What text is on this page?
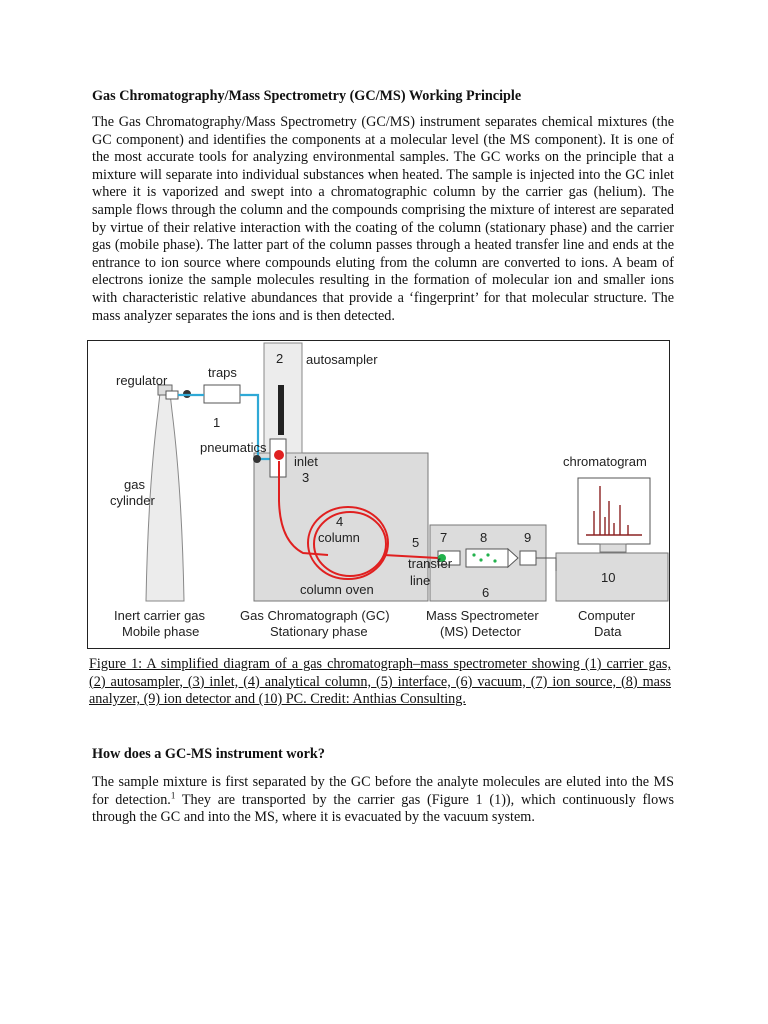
Gas Chromatography/Mass Spectrometry (GC/MS) Working Principle

The Gas Chromatography/Mass Spectrometry (GC/MS) instrument separates chemical mixtures (the GC component) and identifies the components at a molecular level (the MS component). It is one of the most accurate tools for analyzing environmental samples. The GC works on the principle that a mixture will separate into individual substances when heated. The sample is injected into the GC inlet where it is vaporized and swept into a chromatographic column by the carrier gas (helium). The sample flows through the column and the compounds comprising the mixture of interest are separated by virtue of their relative interaction with the coating of the column (stationary phase) and the carrier gas (mobile phase). The latter part of the column passes through a heated transfer line and ends at the entrance to ion source where compounds eluting from the column are converted to ions. A beam of electrons ionize the sample molecules resulting in the formation of molecular ion and smaller ions with characteristic relative abundances that provide a ‘fingerprint’ for that molecular structure. The mass analyzer separates the ions and is then detected.

regulator
traps
1
2 autosampler
pneumatics
gas
cylinder
inlet
3
4
column	5
transfer
line
column oven	6
7	8	9
chromatogram
10
Inert carrier gas
Mobile phase
Gas Chromatograph (GC)
Stationary phase
Mass Spectrometer
(MS) Detector
Computer
Data

Figure 1: A simplified diagram of a gas chromatograph–mass spectrometer showing (1) carrier gas, (2) autosampler, (3) inlet, (4) analytical column, (5) interface, (6) vacuum, (7) ion source, (8) mass analyzer, (9) ion detector and (10) PC. Credit: Anthias Consulting.

How does a GC-MS instrument work?

The sample mixture is first separated by the GC before the analyte molecules are eluted into the MS for detection.$^1$ They are transported by the carrier gas (Figure 1 (1)), which continuously flows through the GC and into the MS, where it is evacuated by the vacuum system.
